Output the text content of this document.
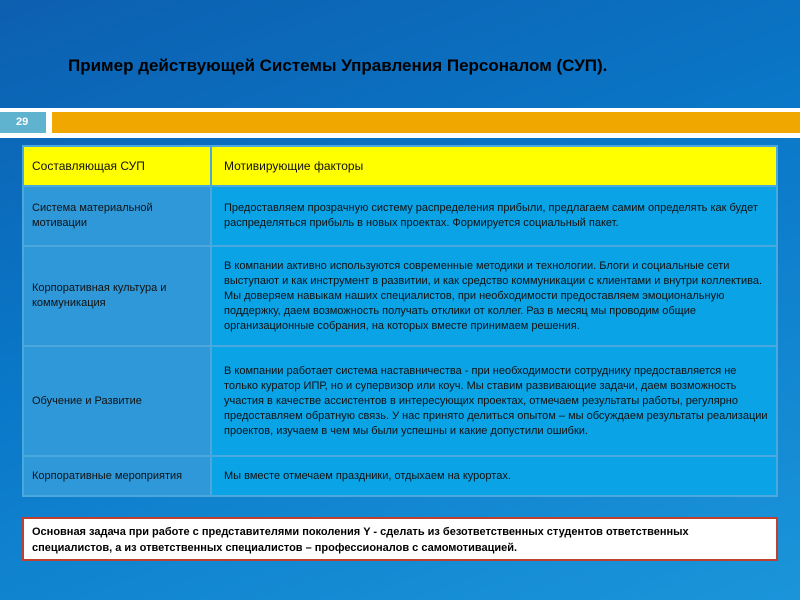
Пример действующей Системы Управления Персоналом (СУП).
29
Составляющая СУП	Мотивирующие факторы
Система материальной мотивации	Предоставляем прозрачную систему распределения прибыли, предлагаем самим определять как будет распределяться прибыль в новых проектах. Формируется социальный пакет.
Корпоративная культура и коммуникация	В компании активно используются современные методики и технологии. Блоги и социальные сети выступают и как инструмент в развитии, и как средство коммуникации с клиентами и внутри коллектива. Мы доверяем навыкам наших специалистов, при необходимости предоставляем эмоциональную поддержку, даем возможность получать отклики от коллег. Раз в месяц мы проводим общие организационные собрания, на которых вместе принимаем решения.
Обучение и Развитие	В компании работает система наставничества - при необходимости сотруднику предоставляется не только куратор ИПР, но и супервизор или коуч. Мы ставим развивающие задачи, даем возможность участия в качестве ассистентов в интересующих проектах, отмечаем результаты работы, регулярно предоставляем обратную связь. У нас принято делиться опытом – мы обсуждаем результаты реализации проектов, изучаем в чем мы были успешны и какие допустили ошибки.
Корпоративные мероприятия	Мы вместе отмечаем праздники, отдыхаем на курортах.
Основная задача при работе с представителями поколения Y - сделать из безответственных студентов ответственных специалистов, а из ответственных специалистов – профессионалов с самомотивацией.
